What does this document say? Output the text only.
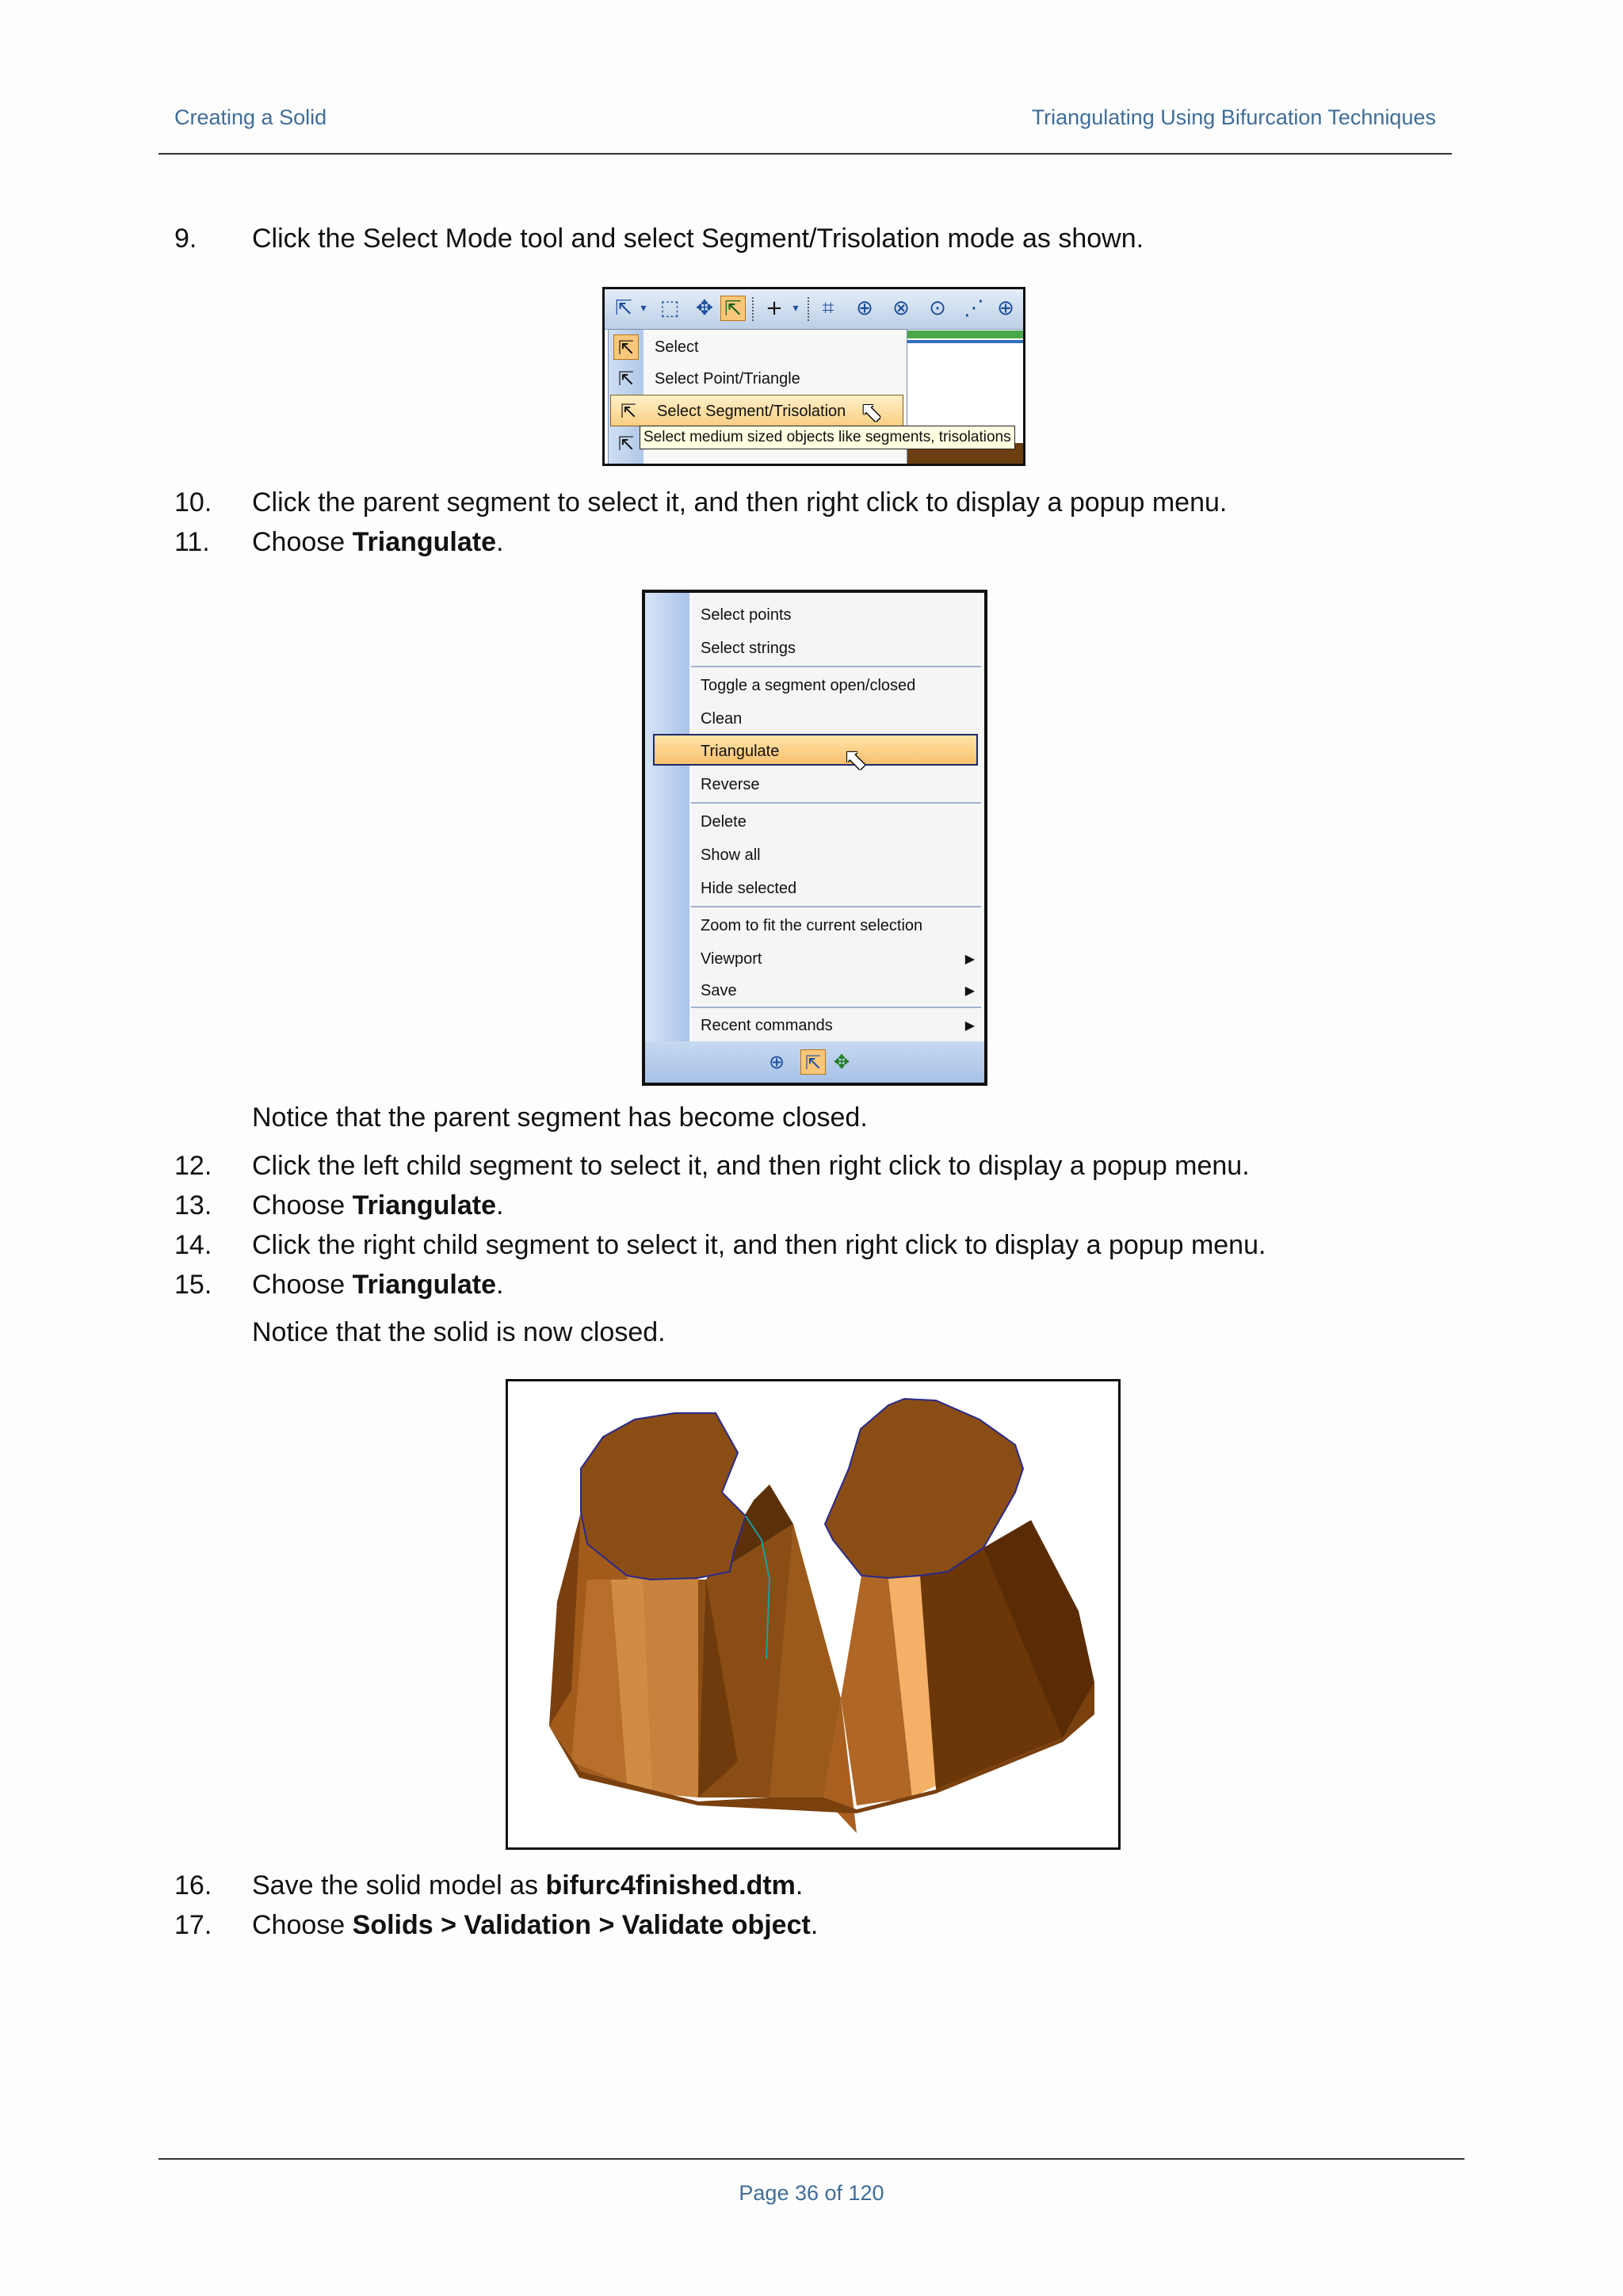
Creating a Solid	Triangulating Using Bifurcation Techniques
9. Click the Select Mode tool and select Segment/Trisolation mode as shown.
⇱ ▾ ⬚ ✥ ⇱ + ▾	⌗	⊕ ⊗ ⊙ ⋰ ⊕
⇱ Select
⇱ Select Point/Triangle
⇱ Select Segment/Trisolation
⇱ Select medium sized objects like segments, trisolations
⬉
10. Click the parent segment to select it, and then right click to display a popup menu.
11. Choose Triangulate.
Select points
Select strings
Toggle a segment open/closed
Clean
Triangulate
Reverse
Delete
Show all
Hide selected
Zoom to fit the current selection
Viewport	▶
Save	▶
Recent commands	▶
⊕ ⇱ ✥
⬉
Notice that the parent segment has become closed.
12. Click the left child segment to select it, and then right click to display a popup menu.
13. Choose Triangulate.
14. Click the right child segment to select it, and then right click to display a popup menu.
15. Choose Triangulate.
Notice that the solid is now closed.
16. Save the solid model as bifurc4finished.dtm.
17. Choose Solids > Validation > Validate object.
Page 36 of 120
